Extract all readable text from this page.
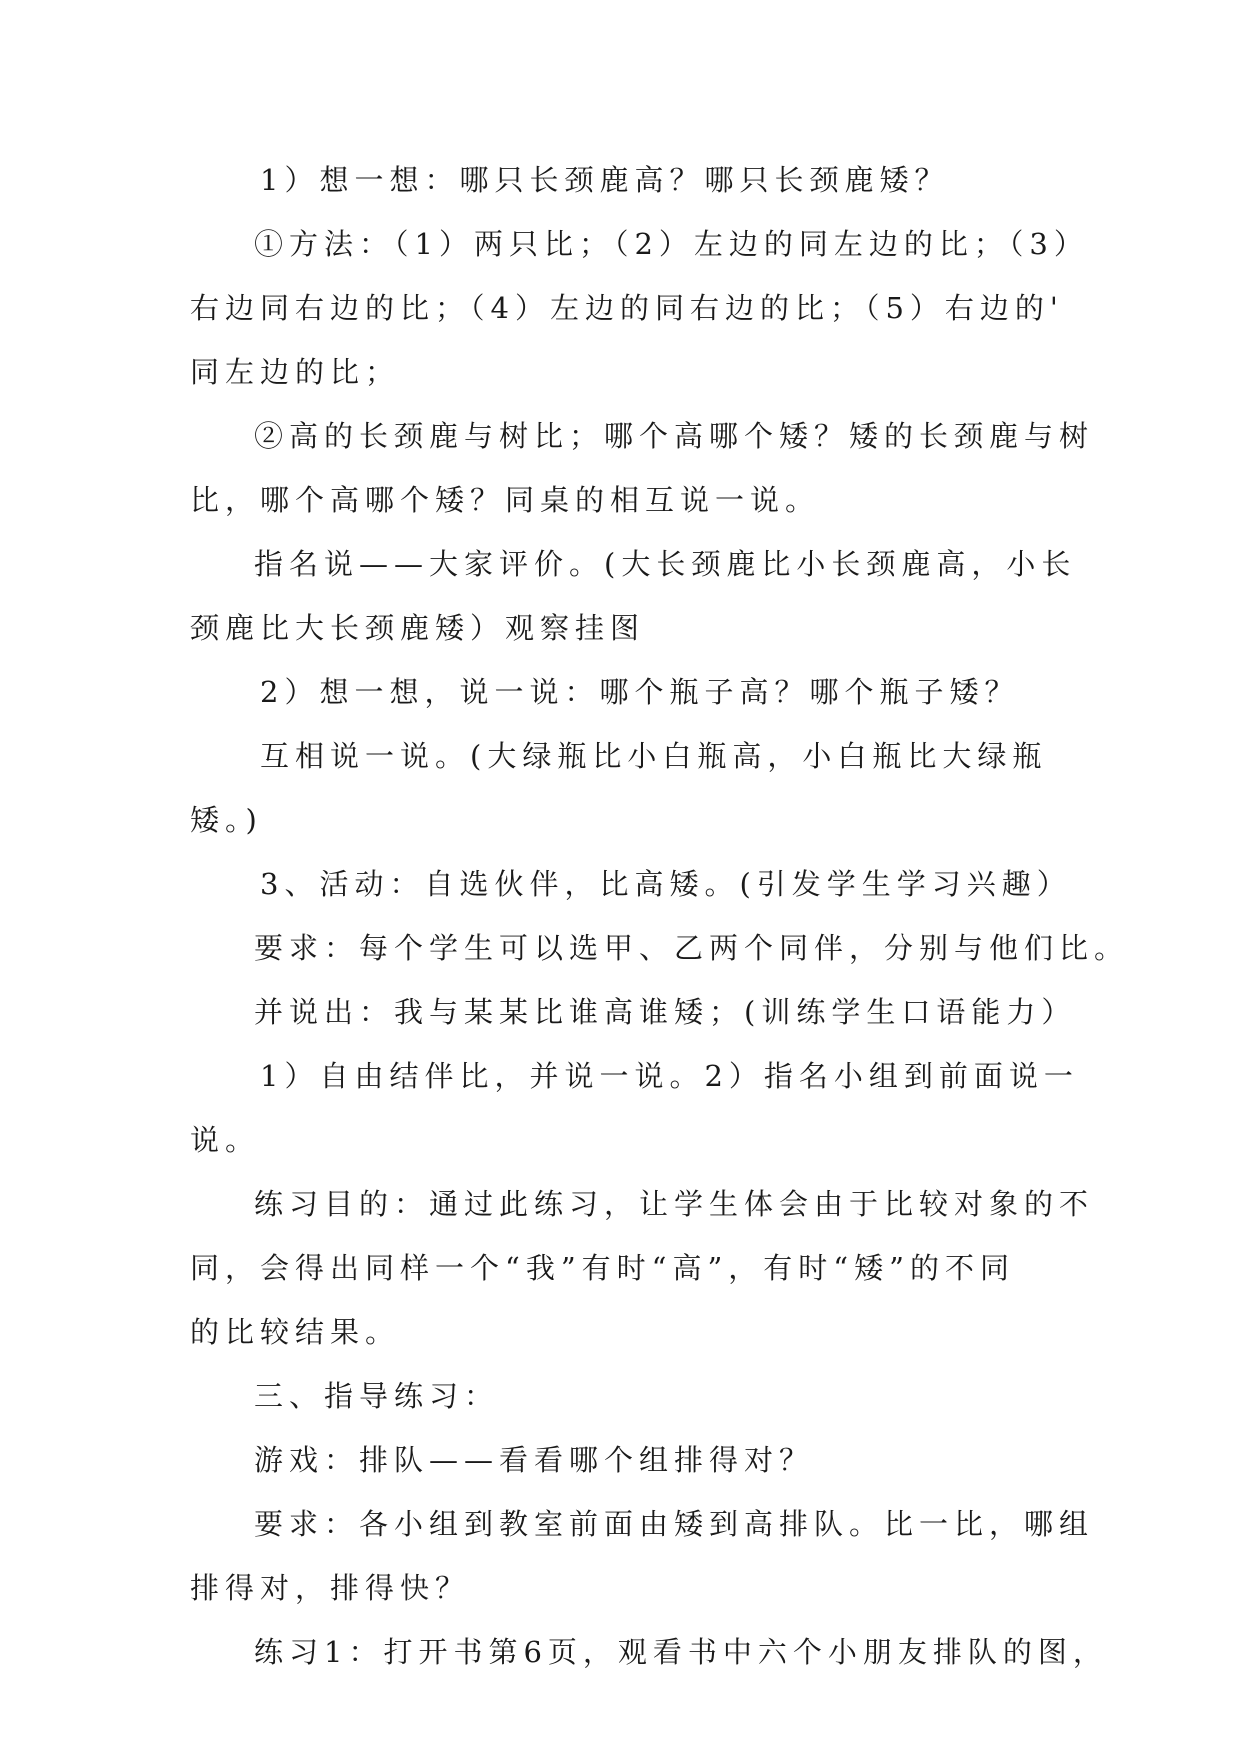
1）想一想：哪只长颈鹿高？哪只长颈鹿矮？
①方法：（1）两只比；（2）左边的同左边的比；（3）
右边同右边的比；（4）左边的同右边的比；（5）右边的'
同左边的比；
②高的长颈鹿与树比；哪个高哪个矮？矮的长颈鹿与树
比，哪个高哪个矮？同桌的相互说一说。
指名说——大家评价。(大长颈鹿比小长颈鹿高，小长
颈鹿比大长颈鹿矮）观察挂图
2）想一想，说一说：哪个瓶子高？哪个瓶子矮？
互相说一说。(大绿瓶比小白瓶高，小白瓶比大绿瓶
矮。)
3、活动：自选伙伴，比高矮。(引发学生学习兴趣）
要求：每个学生可以选甲、乙两个同伴，分别与他们比。
并说出：我与某某比谁高谁矮；(训练学生口语能力）
1）自由结伴比，并说一说。2）指名小组到前面说一
说。
练习目的：通过此练习，让学生体会由于比较对象的不
同，会得出同样一个“我”有时“高”，有时“矮”的不同
的比较结果。
三、指导练习：
游戏：排队——看看哪个组排得对？
要求：各小组到教室前面由矮到高排队。比一比，哪组
排得对，排得快？
练习1：打开书第6页，观看书中六个小朋友排队的图，
